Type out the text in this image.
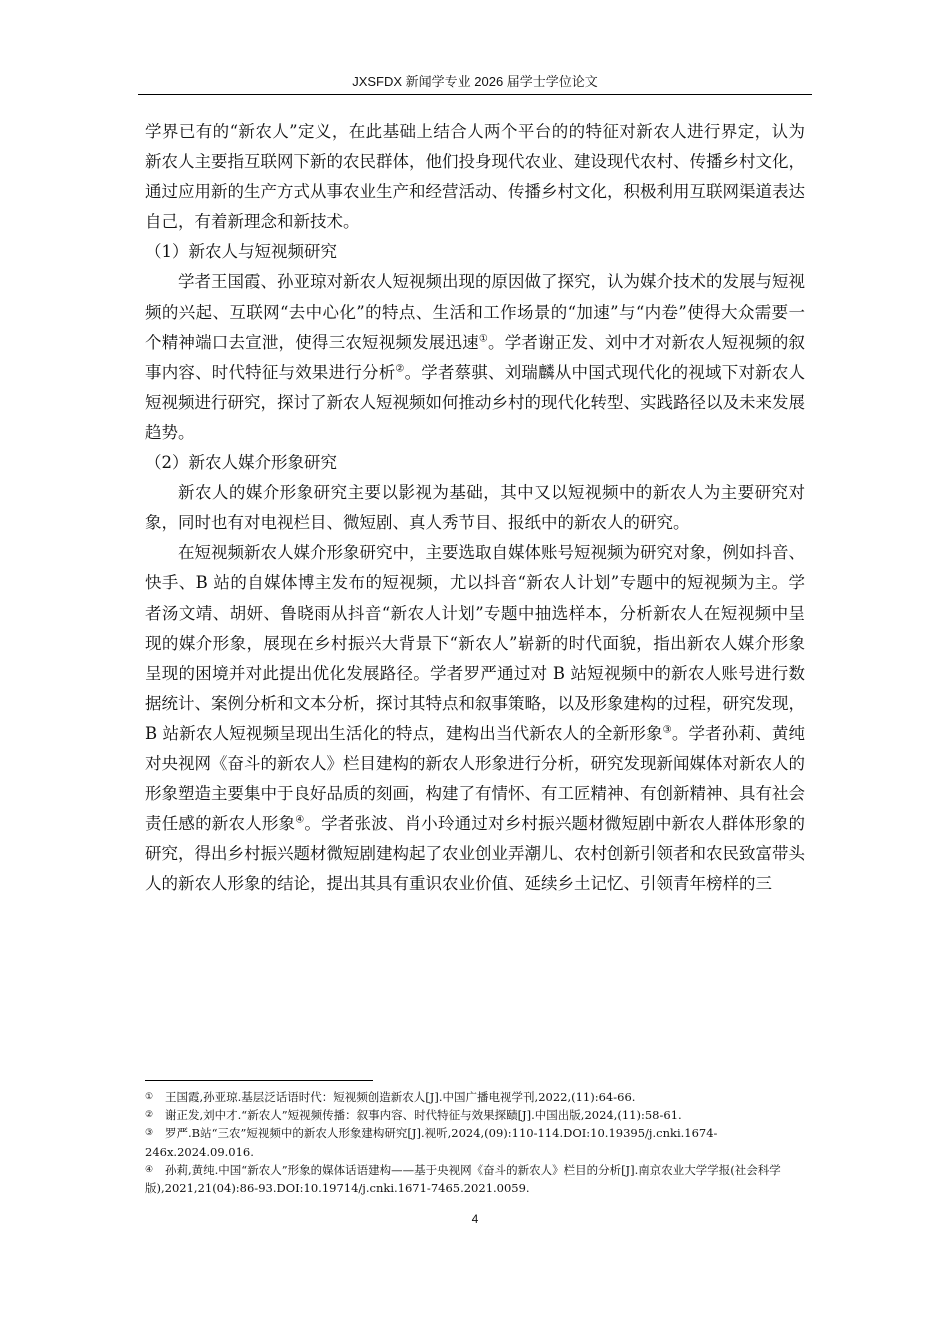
JXSFDX 新闻学专业 2026 届学士学位论文

学界已有的“新农人”定义，在此基础上结合人两个平台的的特征对新农人进行界定，认为新农人主要指互联网下新的农民群体，他们投身现代农业、建设现代农村、传播乡村文化，通过应用新的生产方式从事农业生产和经营活动、传播乡村文化，积极利用互联网渠道表达自己，有着新理念和新技术。

（1）新农人与短视频研究

学者王国霞、孙亚琼对新农人短视频出现的原因做了探究，认为媒介技术的发展与短视频的兴起、互联网“去中心化”的特点、生活和工作场景的“加速”与“内卷”使得大众需要一个精神端口去宣泄，使得三农短视频发展迅速①。学者谢正发、刘中才对新农人短视频的叙事内容、时代特征与效果进行分析②。学者蔡骐、刘瑞麟从中国式现代化的视域下对新农人短视频进行研究，探讨了新农人短视频如何推动乡村的现代化转型、实践路径以及未来发展趋势。

（2）新农人媒介形象研究

新农人的媒介形象研究主要以影视为基础，其中又以短视频中的新农人为主要研究对象，同时也有对电视栏目、微短剧、真人秀节目、报纸中的新农人的研究。

在短视频新农人媒介形象研究中，主要选取自媒体账号短视频为研究对象，例如抖音、快手、B 站的自媒体博主发布的短视频，尤以抖音“新农人计划”专题中的短视频为主。学者汤文靖、胡妍、鲁晓雨从抖音“新农人计划”专题中抽选样本，分析新农人在短视频中呈现的媒介形象，展现在乡村振兴大背景下“新农人”崭新的时代面貌，指出新农人媒介形象呈现的困境并对此提出优化发展路径。学者罗严通过对 B 站短视频中的新农人账号进行数据统计、案例分析和文本分析，探讨其特点和叙事策略，以及形象建构的过程，研究发现，B 站新农人短视频呈现出生活化的特点，建构出当代新农人的全新形象③。学者孙莉、黄纯对央视网《奋斗的新农人》栏目建构的新农人形象进行分析，研究发现新闻媒体对新农人的形象塑造主要集中于良好品质的刻画，构建了有情怀、有工匠精神、有创新精神、具有社会责任感的新农人形象④。学者张波、肖小玲通过对乡村振兴题材微短剧中新农人群体形象的研究，得出乡村振兴题材微短剧建构起了农业创业弄潮儿、农村创新引领者和农民致富带头人的新农人形象的结论，提出其具有重识农业价值、延续乡土记忆、引领青年榜样的三

① 王国霞,孙亚琼.基层泛话语时代：短视频创造新农人[J].中国广播电视学刊,2022,(11):64-66.

② 谢正发,刘中才.“新农人”短视频传播：叙事内容、时代特征与效果探赜[J].中国出版,2024,(11):58-61.

③ 罗严.B站“三农”短视频中的新农人形象建构研究[J].视听,2024,(09):110-114.DOI:10.19395/j.cnki.1674-246x.2024.09.016.

④ 孙莉,黄纯.中国“新农人”形象的媒体话语建构——基于央视网《奋斗的新农人》栏目的分析[J].南京农业大学学报(社会科学版),2021,21(04):86-93.DOI:10.19714/j.cnki.1671-7465.2021.0059.

4
